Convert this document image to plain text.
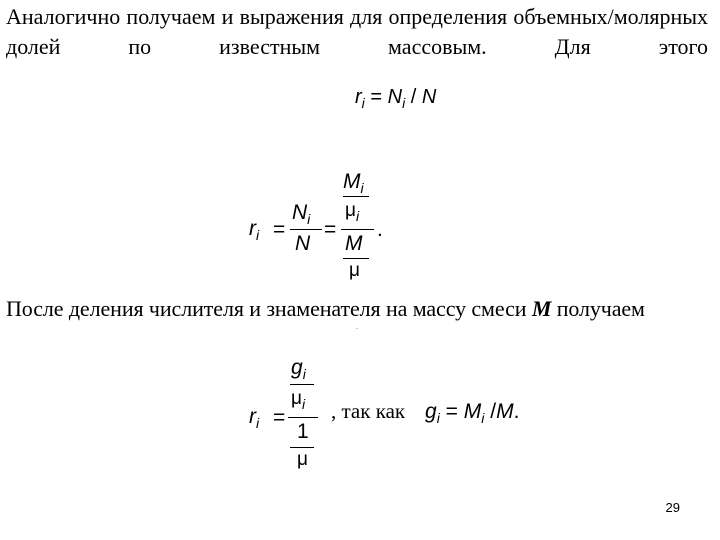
Аналогично получаем и выражения для определения объемных/молярных долей по известным массовым. Для этого
$r_i = N_i / N$
$r_i$ =
$N_i$
N
=
$M_i$
$\mu_i$
M
μ
.
После деления числителя и знаменателя на массу смеси M получаем
.
$r_i$ =
$g_i$
$\mu_i$
1
μ
, так как $g_i = M_i$ /M.
29
